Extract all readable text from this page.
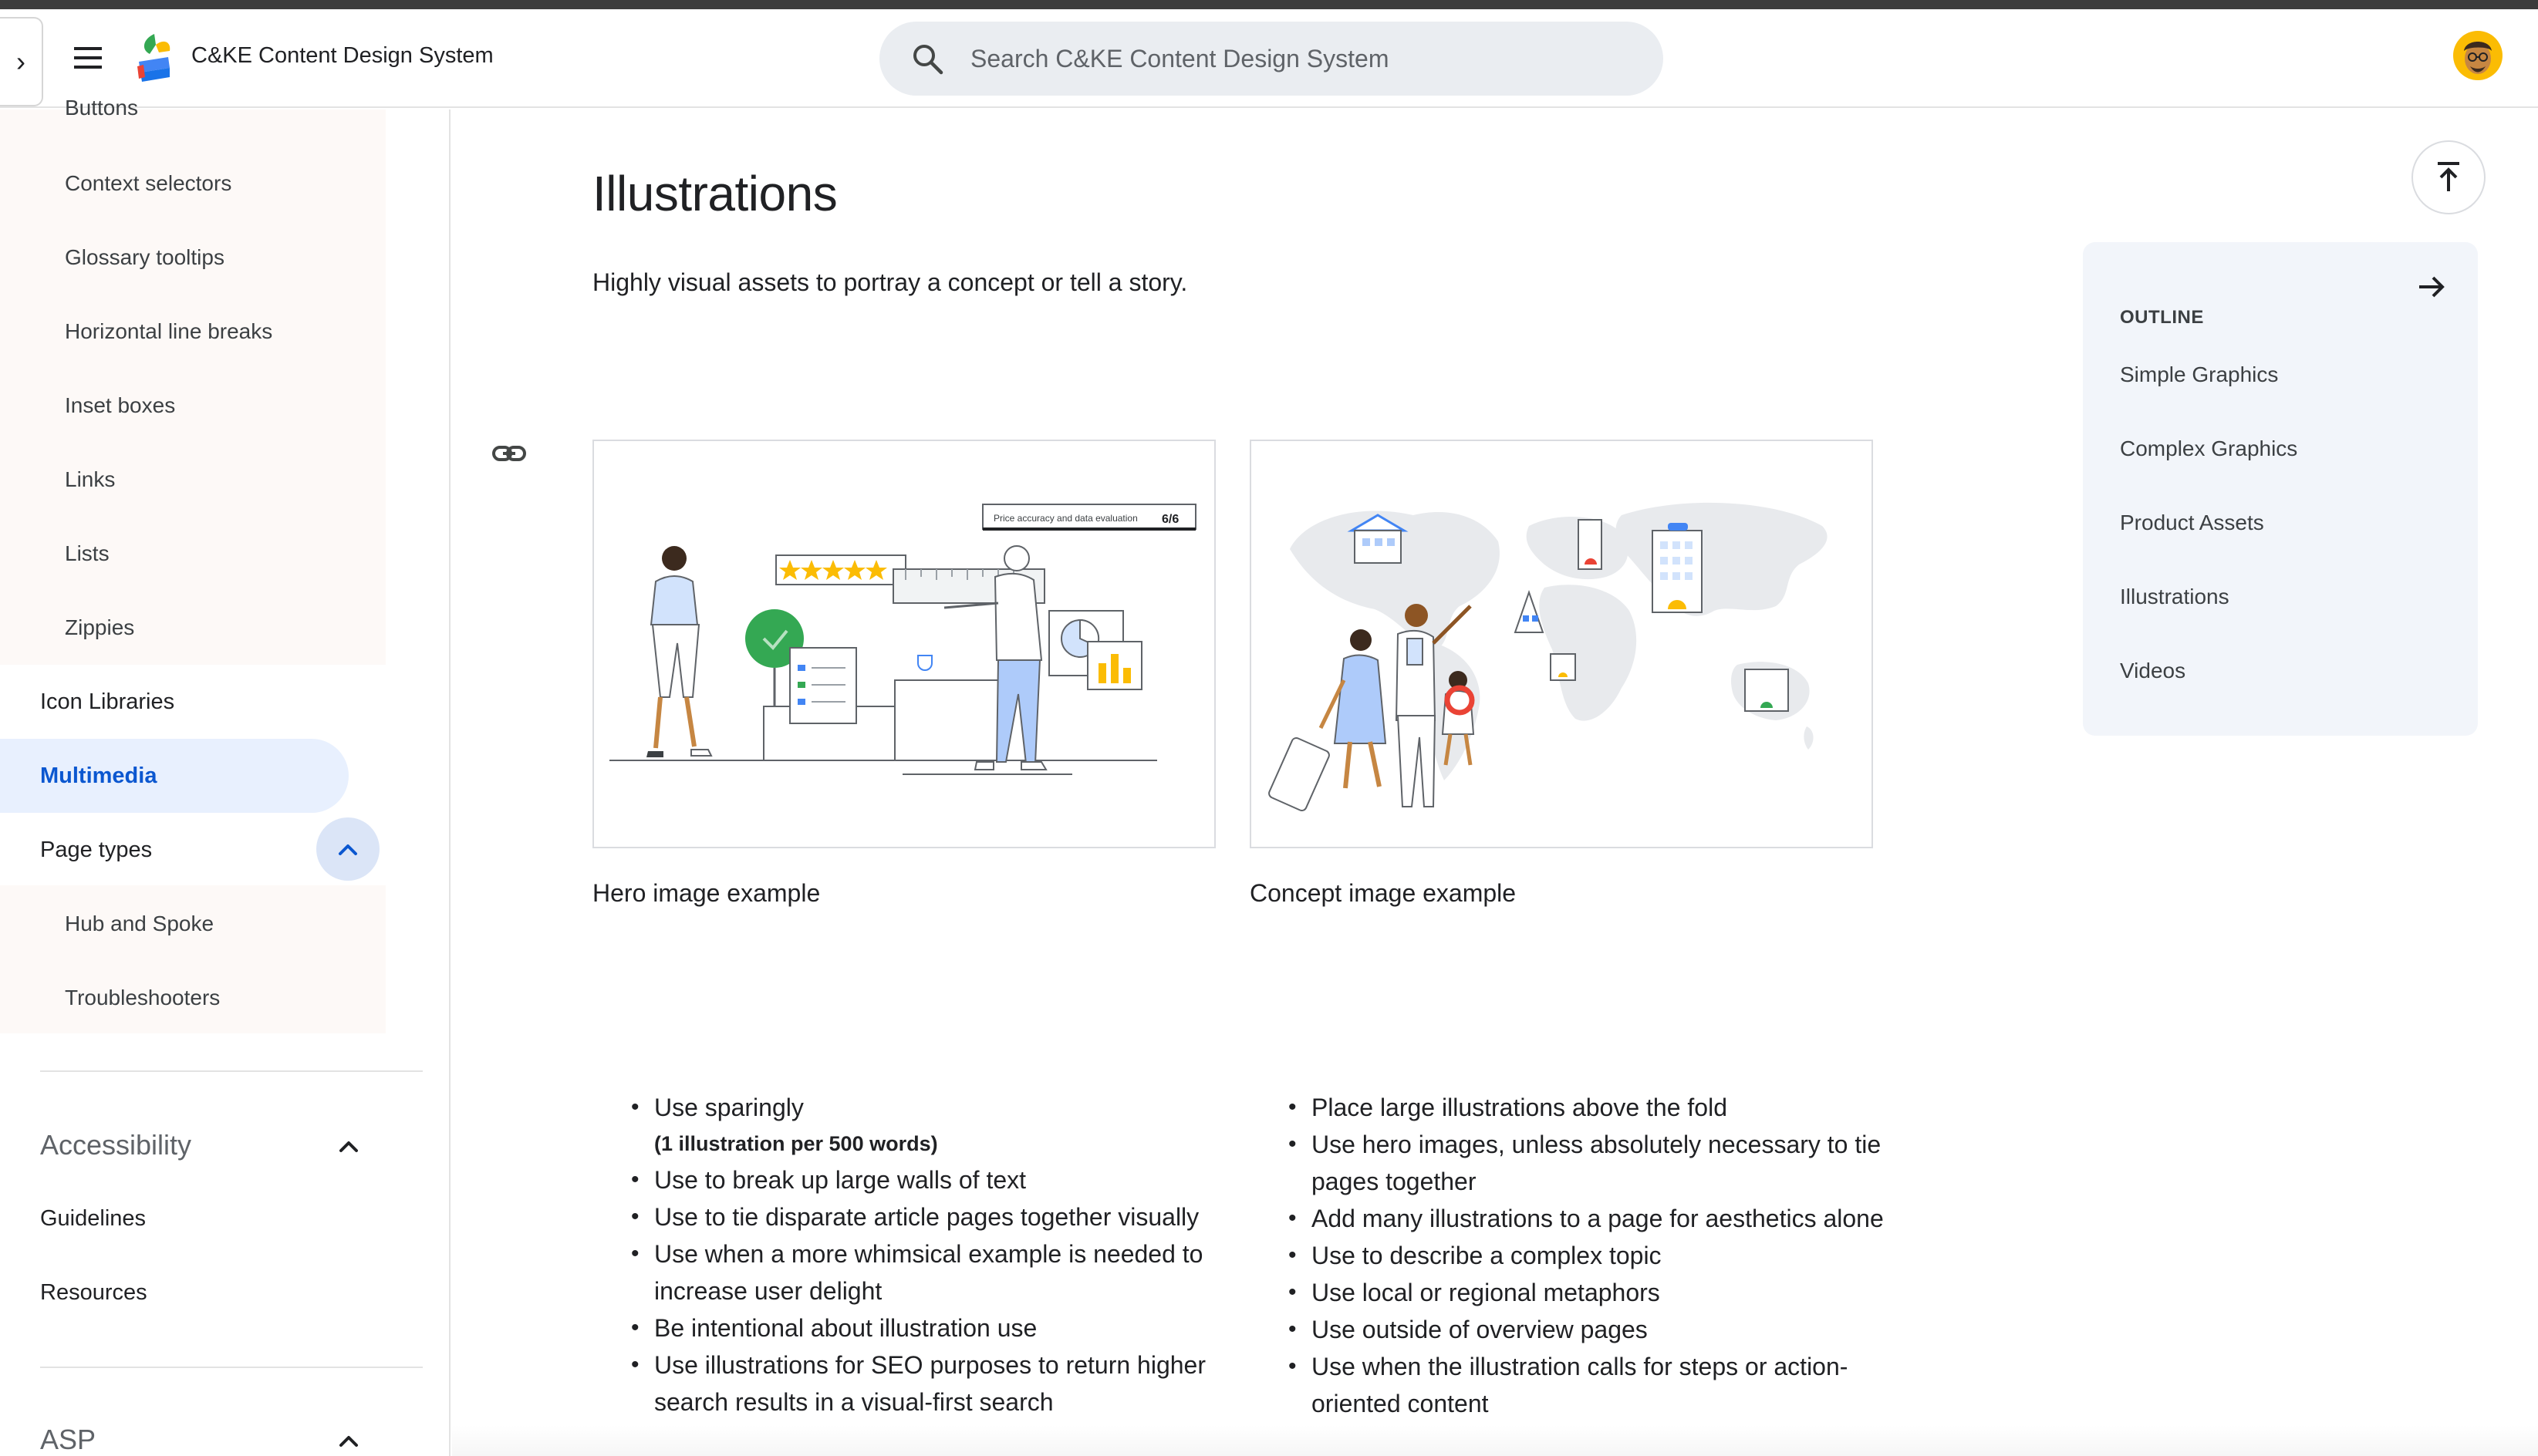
›	C&KE Content Design System
Search C&KE Content Design System
Buttons
Context selectors
Glossary tooltips
Horizontal line breaks
Inset boxes
Links
Lists
Zippies
Icon Libraries
Multimedia
Page types
Hub and Spoke
Troubleshooters
Accessibility
Guidelines
Resources
ASP
Illustrations

Highly visual assets to portray a concept or tell a story.

Price accuracy and data evaluation 6/6
Hero image example	Concept image example
• Use sparingly
(1 illustration per 500 words)
• Use to break up large walls of text
• Use to tie disparate article pages together visually
• Use when a more whimsical example is needed to increase user delight
• Be intentional about illustration use
• Use illustrations for SEO purposes to return higher search results in a visual-first search
• Place large illustrations above the fold
• Use hero images, unless absolutely necessary to tie pages together
• Add many illustrations to a page for aesthetics alone
• Use to describe a complex topic
• Use local or regional metaphors
• Use outside of overview pages
• Use when the illustration calls for steps or action-oriented content
OUTLINE
Simple Graphics
Complex Graphics
Product Assets
Illustrations
Videos
